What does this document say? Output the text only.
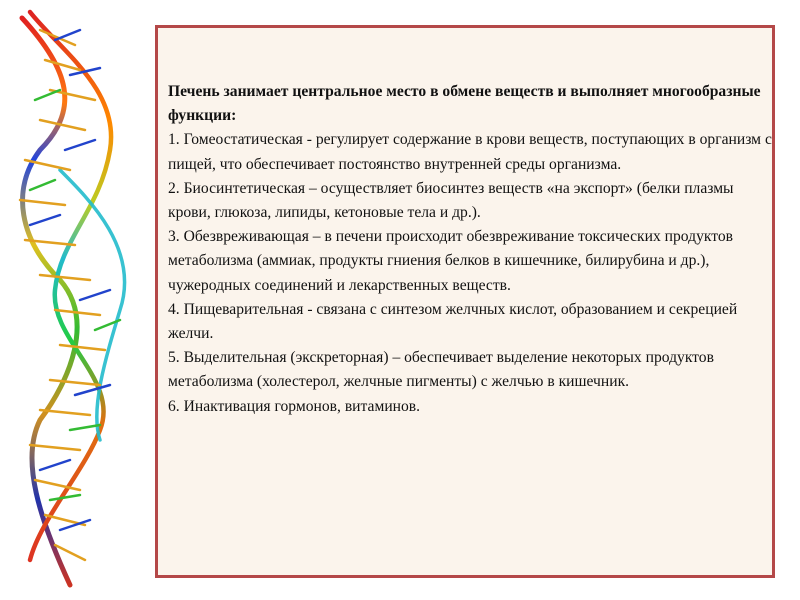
Печень занимает центральное место в обмене веществ и выполняет многообразные функции:

1. Гомеостатическая - регулирует содержание в крови веществ, поступающих в организм с пищей, что обеспечивает постоянство внутренней среды организма.

2. Биосинтетическая – осуществляет биосинтез веществ «на экспорт» (белки плазмы крови, глюкоза, липиды, кетоновые тела и др.).

3. Обезвреживающая – в печени происходит обезвреживание токсических продуктов метаболизма (аммиак, продукты гниения белков в кишечнике, билирубина и др.), чужеродных соединений и лекарственных веществ.

4. Пищеварительная - связана с синтезом желчных кислот, образованием и секрецией желчи.

5. Выделительная (экскреторная) – обеспечивает выделение некоторых продуктов метаболизма (холестерол, желчные пигменты) с желчью в кишечник.

6. Инактивация гормонов, витаминов.
